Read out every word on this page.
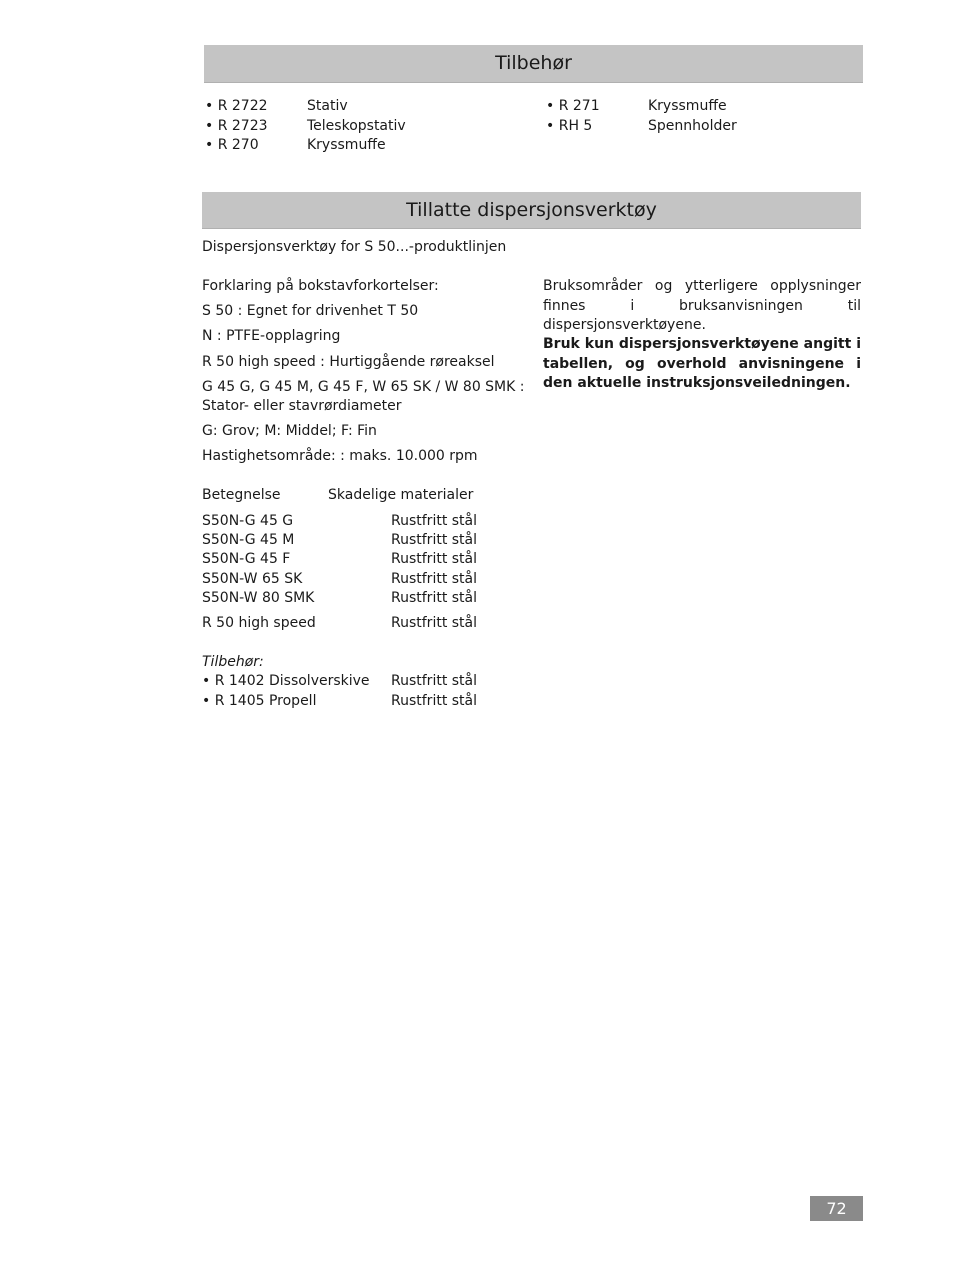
Tilbehør
• R 2722	Stativ
• R 2723	Teleskopstativ
• R 270	Kryssmuffe
• R 271	Kryssmuffe
• RH 5	Spennholder
Tillatte dispersjonsverktøy
Dispersjonsverktøy for S 50...-produktlinjen
Forklaring på bokstavforkortelser:
S 50 : Egnet for drivenhet T 50
N : PTFE-opplagring
R 50 high speed : Hurtiggående røreaksel
G 45 G, G 45 M, G 45 F, W 65 SK / W 80 SMK :
Stator- eller stavrørdiameter
G: Grov; M: Middel; F: Fin
Hastighetsområde: : maks. 10.000 rpm
Betegnelse	Skadelige materialer
S50N-G 45 G	Rustfritt stål
S50N-G 45 M	Rustfritt stål
S50N-G 45 F	Rustfritt stål
S50N-W 65 SK	Rustfritt stål
S50N-W 80 SMK	Rustfritt stål
R 50 high speed	Rustfritt stål
Tilbehør:
• R 1402 Dissolverskive Rustfritt stål
• R 1405 Propell	Rustfritt stål
Bruksområder og ytterligere opplysninger finnes i bruksanvisningen til dispersjonsverktøyene.
Bruk kun dispersjonsverktøyene angitt i tabellen, og overhold anvisningene i den aktuelle instruksjonsveiledningen.
72
